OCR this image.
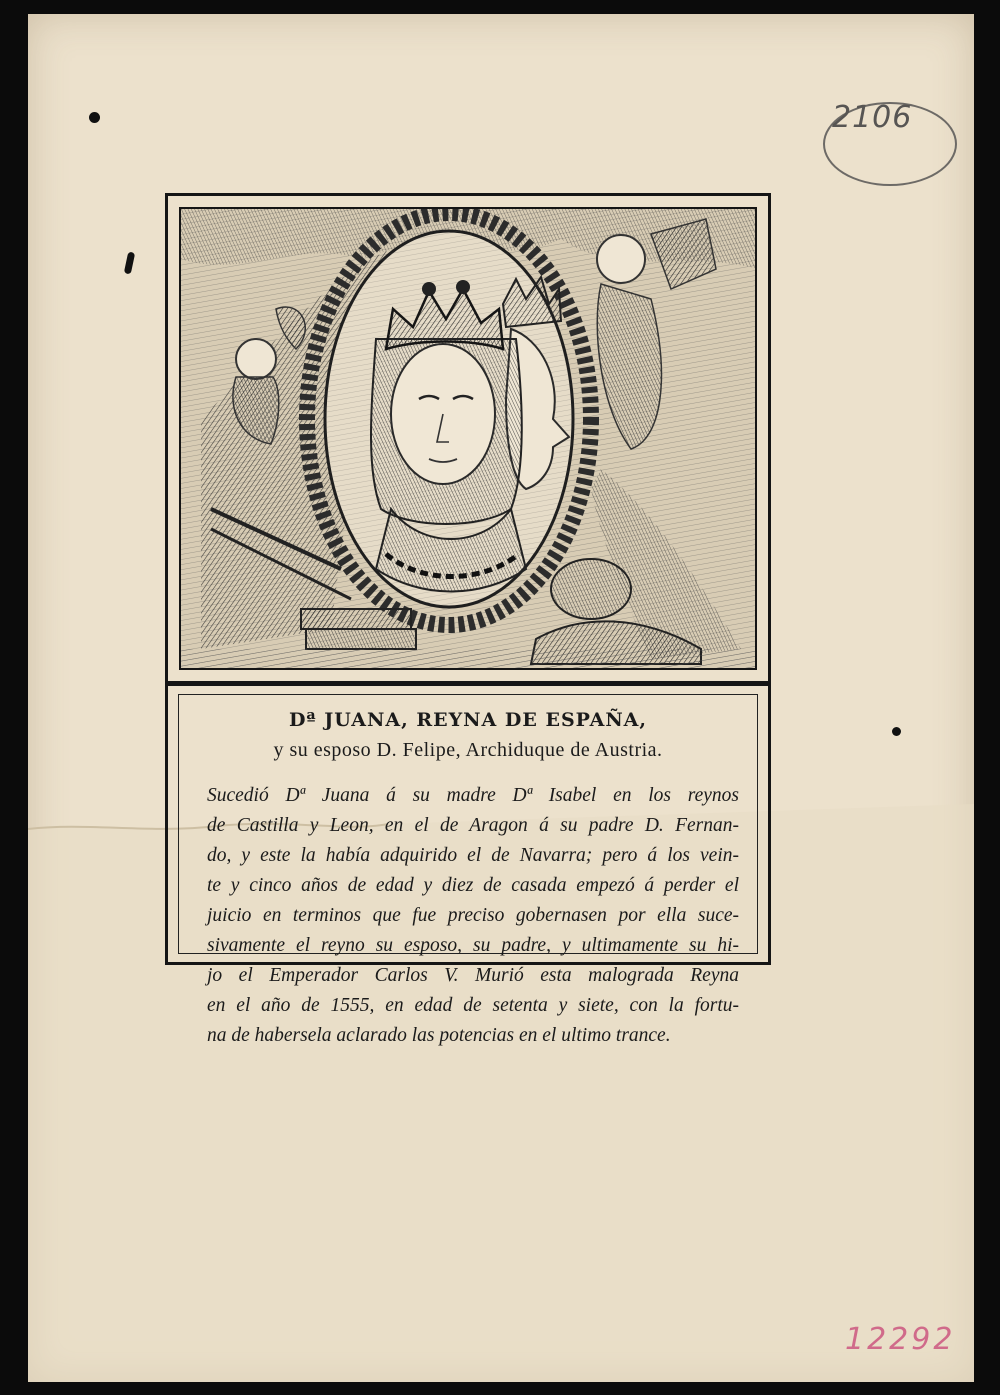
2106
12292
Dª JUANA, REYNA DE ESPAÑA,
y su esposo D. Felipe, Archiduque de Austria.
Sucedió Dª Juana á su madre Dª Isabel en los reynos
de Castilla y Leon, en el de Aragon á su padre D. Fernan-
do, y este la había adquirido el de Navarra; pero á los vein-
te y cinco años de edad y diez de casada empezó á perder el
juicio en terminos que fue preciso gobernasen por ella suce-
sivamente el reyno su esposo, su padre, y ultimamente su hi-
jo el Emperador Carlos V. Murió esta malograda Reyna
en el año de 1555, en edad de setenta y siete, con la fortu-
na de habersela aclarado las potencias en el ultimo trance.
